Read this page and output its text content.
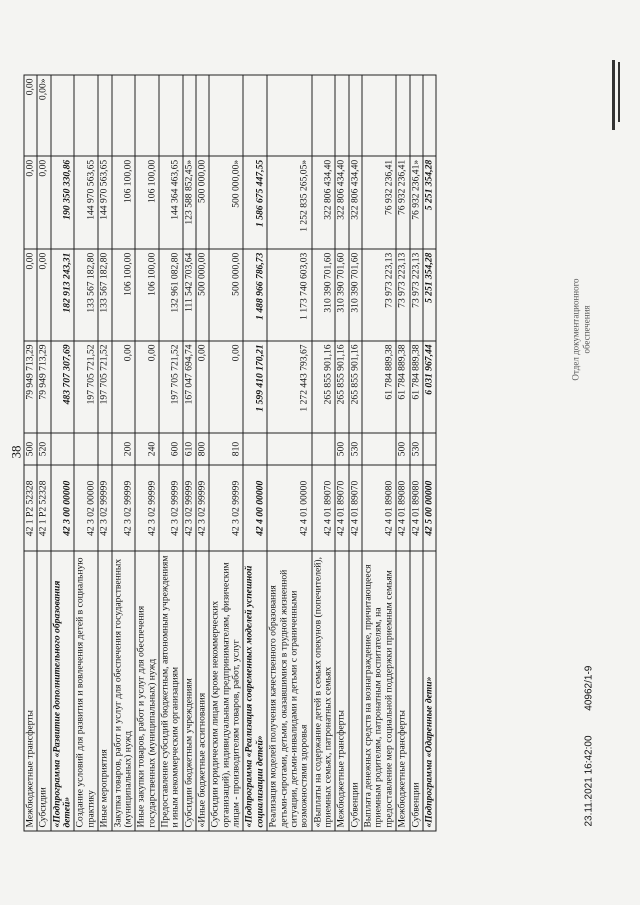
38
Межбюджетные трансферты	42 1 P2 52328	500	79 949 713,29	0,00	0,00	0,00
Субсидии	42 1 P2 52328	520	79 949 713,29	0,00	0,00	0,00»
«Подпрограмма «Развитие дополнительного образования детей»	42 3 00 00000		483 707 307,69	182 913 243,31	190 350 330,86	
Создание условий для развития и вовлечения детей в социальную практику	42 3 02 00000		197 705 721,52	133 567 182,80	144 970 563,65	
Иные мероприятия	42 3 02 99999		197 705 721,52	133 567 182,80	144 970 563,65	
Закупка товаров, работ и услуг для обеспечения государственных (муниципальных) нужд	42 3 02 99999	200	0,00	106 100,00	106 100,00	
Иные закупки товаров, работ и услуг для обеспечения государственных (муниципальных) нужд	42 3 02 99999	240	0,00	106 100,00	106 100,00	
Предоставление субсидий бюджетным, автономным учреждениям и иным некоммерческим организациям	42 3 02 99999	600	197 705 721,52	132 961 082,80	144 364 463,65	
Субсидии бюджетным учреждениям	42 3 02 99999	610	167 047 694,74	111 542 703,64	123 588 852,45»	
«Иные бюджетные ассигнования	42 3 02 99999	800	0,00	500 000,00	500 000,00	
Субсидии юридическим лицам (кроме некоммерческих организаций), индивидуальным предпринимателям, физическим лицам - производителям товаров, работ, услуг	42 3 02 99999	810	0,00	500 000,00	500 000,00»	
«Подпрограмма «Реализация современных моделей успешной социализации детей»	42 4 00 00000		1 599 410 170,21	1 488 966 786,73	1 586 675 447,55	
Реализация моделей получения качественного образования детьми-сиротами, детьми, оказавшимися в трудной жизненной ситуации, детьми-инвалидами и детьми с ограниченными возможностями здоровья	42 4 01 00000		1 272 443 793,67	1 173 740 603,03	1 252 835 265,05»	
«Выплаты на содержание детей в семьях опекунов (попечителей), приемных семьях, патронатных семьях	42 4 01 89070		265 855 901,16	310 390 701,60	322 806 434,40	
Межбюджетные трансферты	42 4 01 89070	500	265 855 901,16	310 390 701,60	322 806 434,40	
Субвенции	42 4 01 89070	530	265 855 901,16	310 390 701,60	322 806 434,40	
Выплата денежных средств на вознаграждение, причитающееся приемным родителям, патронатным воспитателям, на предоставление мер социальной поддержки приемным семьям	42 4 01 89080		61 784 889,38	73 973 223,13	76 932 236,41	
Межбюджетные трансферты	42 4 01 89080	500	61 784 889,38	73 973 223,13	76 932 236,41	
Субвенции	42 4 01 89080	530	61 784 889,38	73 973 223,13	76 932 236,41»	
«Подпрограмма «Одаренные дети»	42 5 00 00000		6 031 967,44	5 251 354,28	5 251 354,28	
23.11.2021 16:42:00 40962/1-9
Отдел документационного обеспечения
